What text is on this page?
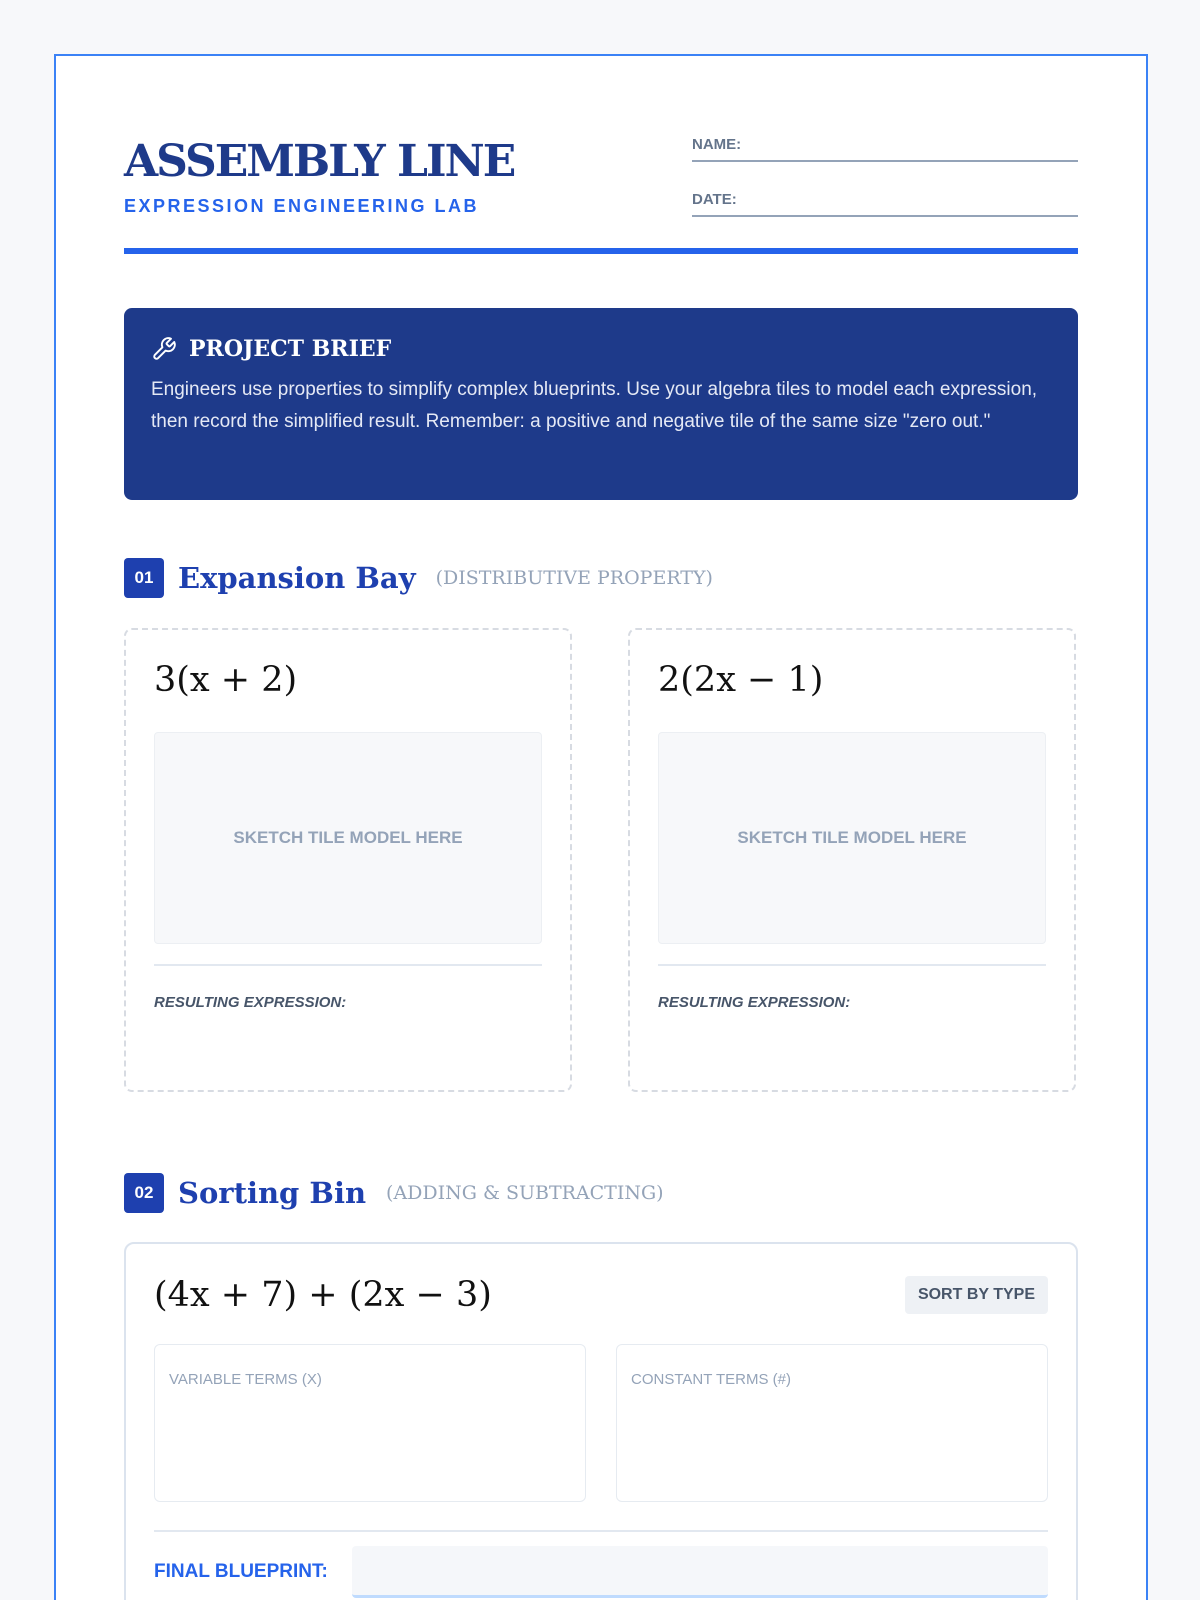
ASSEMBLY LINE
EXPRESSION ENGINEERING LAB
NAME:
DATE:
PROJECT BRIEF
Engineers use properties to simplify complex blueprints. Use your algebra tiles to model each expression, then record the simplified result. Remember: a positive and negative tile of the same size "zero out."
01 Expansion Bay (DISTRIBUTIVE PROPERTY)
3(x + 2)
SKETCH TILE MODEL HERE
RESULTING EXPRESSION:
2(2x − 1)
SKETCH TILE MODEL HERE
RESULTING EXPRESSION:
02 Sorting Bin (ADDING & SUBTRACTING)
(4x + 7) + (2x − 3)	SORT BY TYPE
VARIABLE TERMS (X)	CONSTANT TERMS (#)
FINAL BLUEPRINT:
